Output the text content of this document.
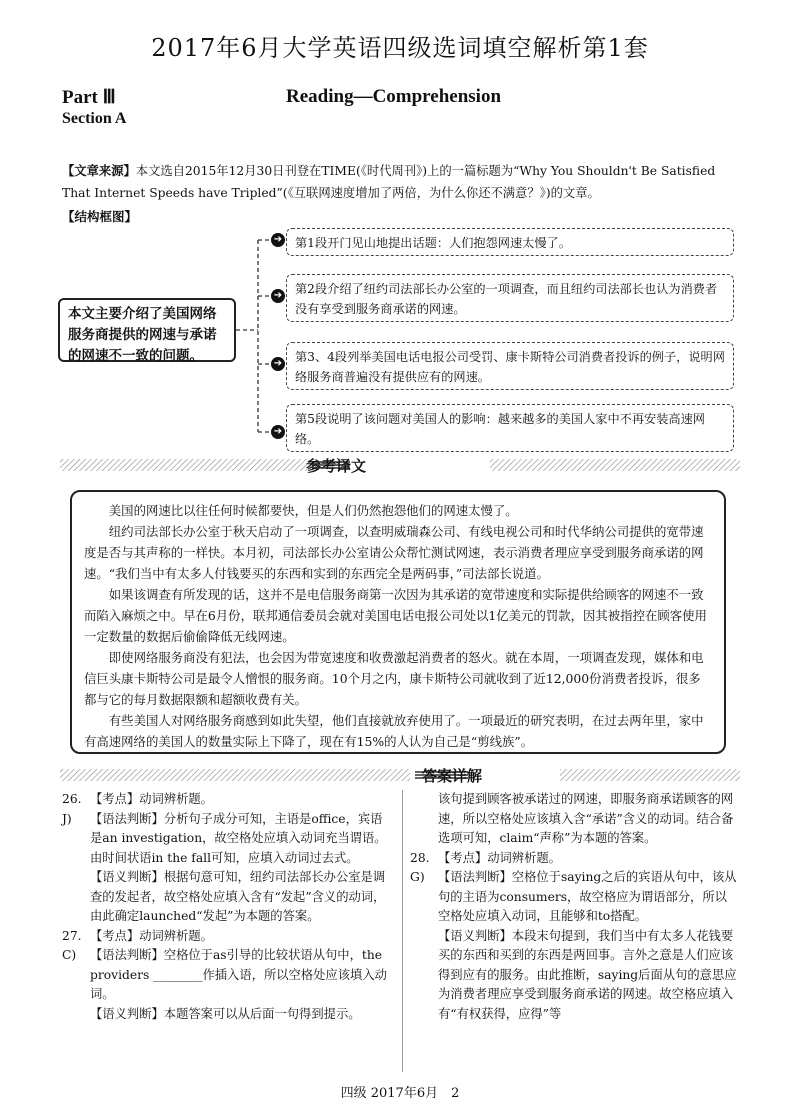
2017年6月大学英语四级选词填空解析第1套
Part Ⅲ	Reading—Comprehension
Section A
【文章来源】本文选自2015年12月30日刊登在TIME(《时代周刊》)上的一篇标题为“Why You Shouldn't Be Satisfied That Internet Speeds have Tripled”(《互联网速度增加了两倍，为什么你还不满意？》)的文章。
【结构框图】
本文主要介绍了美国网络服务商提供的网速与承诺的网速不一致的问题。
➔
➔
➔
➔
第1段开门见山地提出话题：人们抱怨网速太慢了。
第2段介绍了纽约司法部长办公室的一项调查，而且纽约司法部长也认为消费者没有享受到服务商承诺的网速。
第3、4段列举美国电话电报公司受罚、康卡斯特公司消费者投诉的例子，说明网络服务商普遍没有提供应有的网速。
第5段说明了该问题对美国人的影响：越来越多的美国人家中不再安装高速网络。
参考译文

美国的网速比以往任何时候都要快，但是人们仍然抱怨他们的网速太慢了。

纽约司法部长办公室于秋天启动了一项调查，以查明威瑞森公司、有线电视公司和时代华纳公司提供的宽带速度是否与其声称的一样快。本月初，司法部长办公室请公众帮忙测试网速，表示消费者理应享受到服务商承诺的网速。“我们当中有太多人付钱要买的东西和实到的东西完全是两码事，”司法部长说道。

如果该调查有所发现的话，这并不是电信服务商第一次因为其承诺的宽带速度和实际提供给顾客的网速不一致而陷入麻烦之中。早在6月份，联邦通信委员会就对美国电话电报公司处以1亿美元的罚款，因其被指控在顾客使用一定数量的数据后偷偷降低无线网速。

即使网络服务商没有犯法，也会因为带宽速度和收费激起消费者的怒火。就在本周，一项调查发现，媒体和电信巨头康卡斯特公司是最令人憎恨的服务商。10个月之内，康卡斯特公司就收到了近12,000份消费者投诉，很多都与它的每月数据限额和超额收费有关。

有些美国人对网络服务商感到如此失望，他们直接就放弃使用了。一项最近的研究表明，在过去两年里，家中有高速网络的美国人的数量实际上下降了，现在有15%的人认为自己是“剪线族”。

答案详解
26. 【考点】动词辨析题。
J) 【语法判断】分析句子成分可知，主语是office，宾语是an investigation，故空格处应填入动词充当谓语。由时间状语in the fall可知，应填入动词过去式。
【语义判断】根据句意可知，纽约司法部长办公室是调查的发起者，故空格处应填入含有“发起”含义的动词，由此确定launched“发起”为本题的答案。
27. 【考点】动词辨析题。
C) 【语法判断】空格位于as引导的比较状语从句中，the providers ________作插入语，所以空格处应该填入动词。
【语义判断】本题答案可以从后面一句得到提示。
该句提到顾客被承诺过的网速，即服务商承诺顾客的网速，所以空格处应该填入含“承诺”含义的动词。结合备选项可知，claim“声称”为本题的答案。
28. 【考点】动词辨析题。
G) 【语法判断】空格位于saying之后的宾语从句中，该从句的主语为consumers，故空格应为谓语部分，所以空格处应填入动词，且能够和to搭配。
【语义判断】本段末句提到，我们当中有太多人花钱要买的东西和买到的东西是两回事。言外之意是人们应该得到应有的服务。由此推断，saying后面从句的意思应为消费者理应享受到服务商承诺的网速。故空格应填入有“有权获得，应得”等
四级 2017年6月　2
